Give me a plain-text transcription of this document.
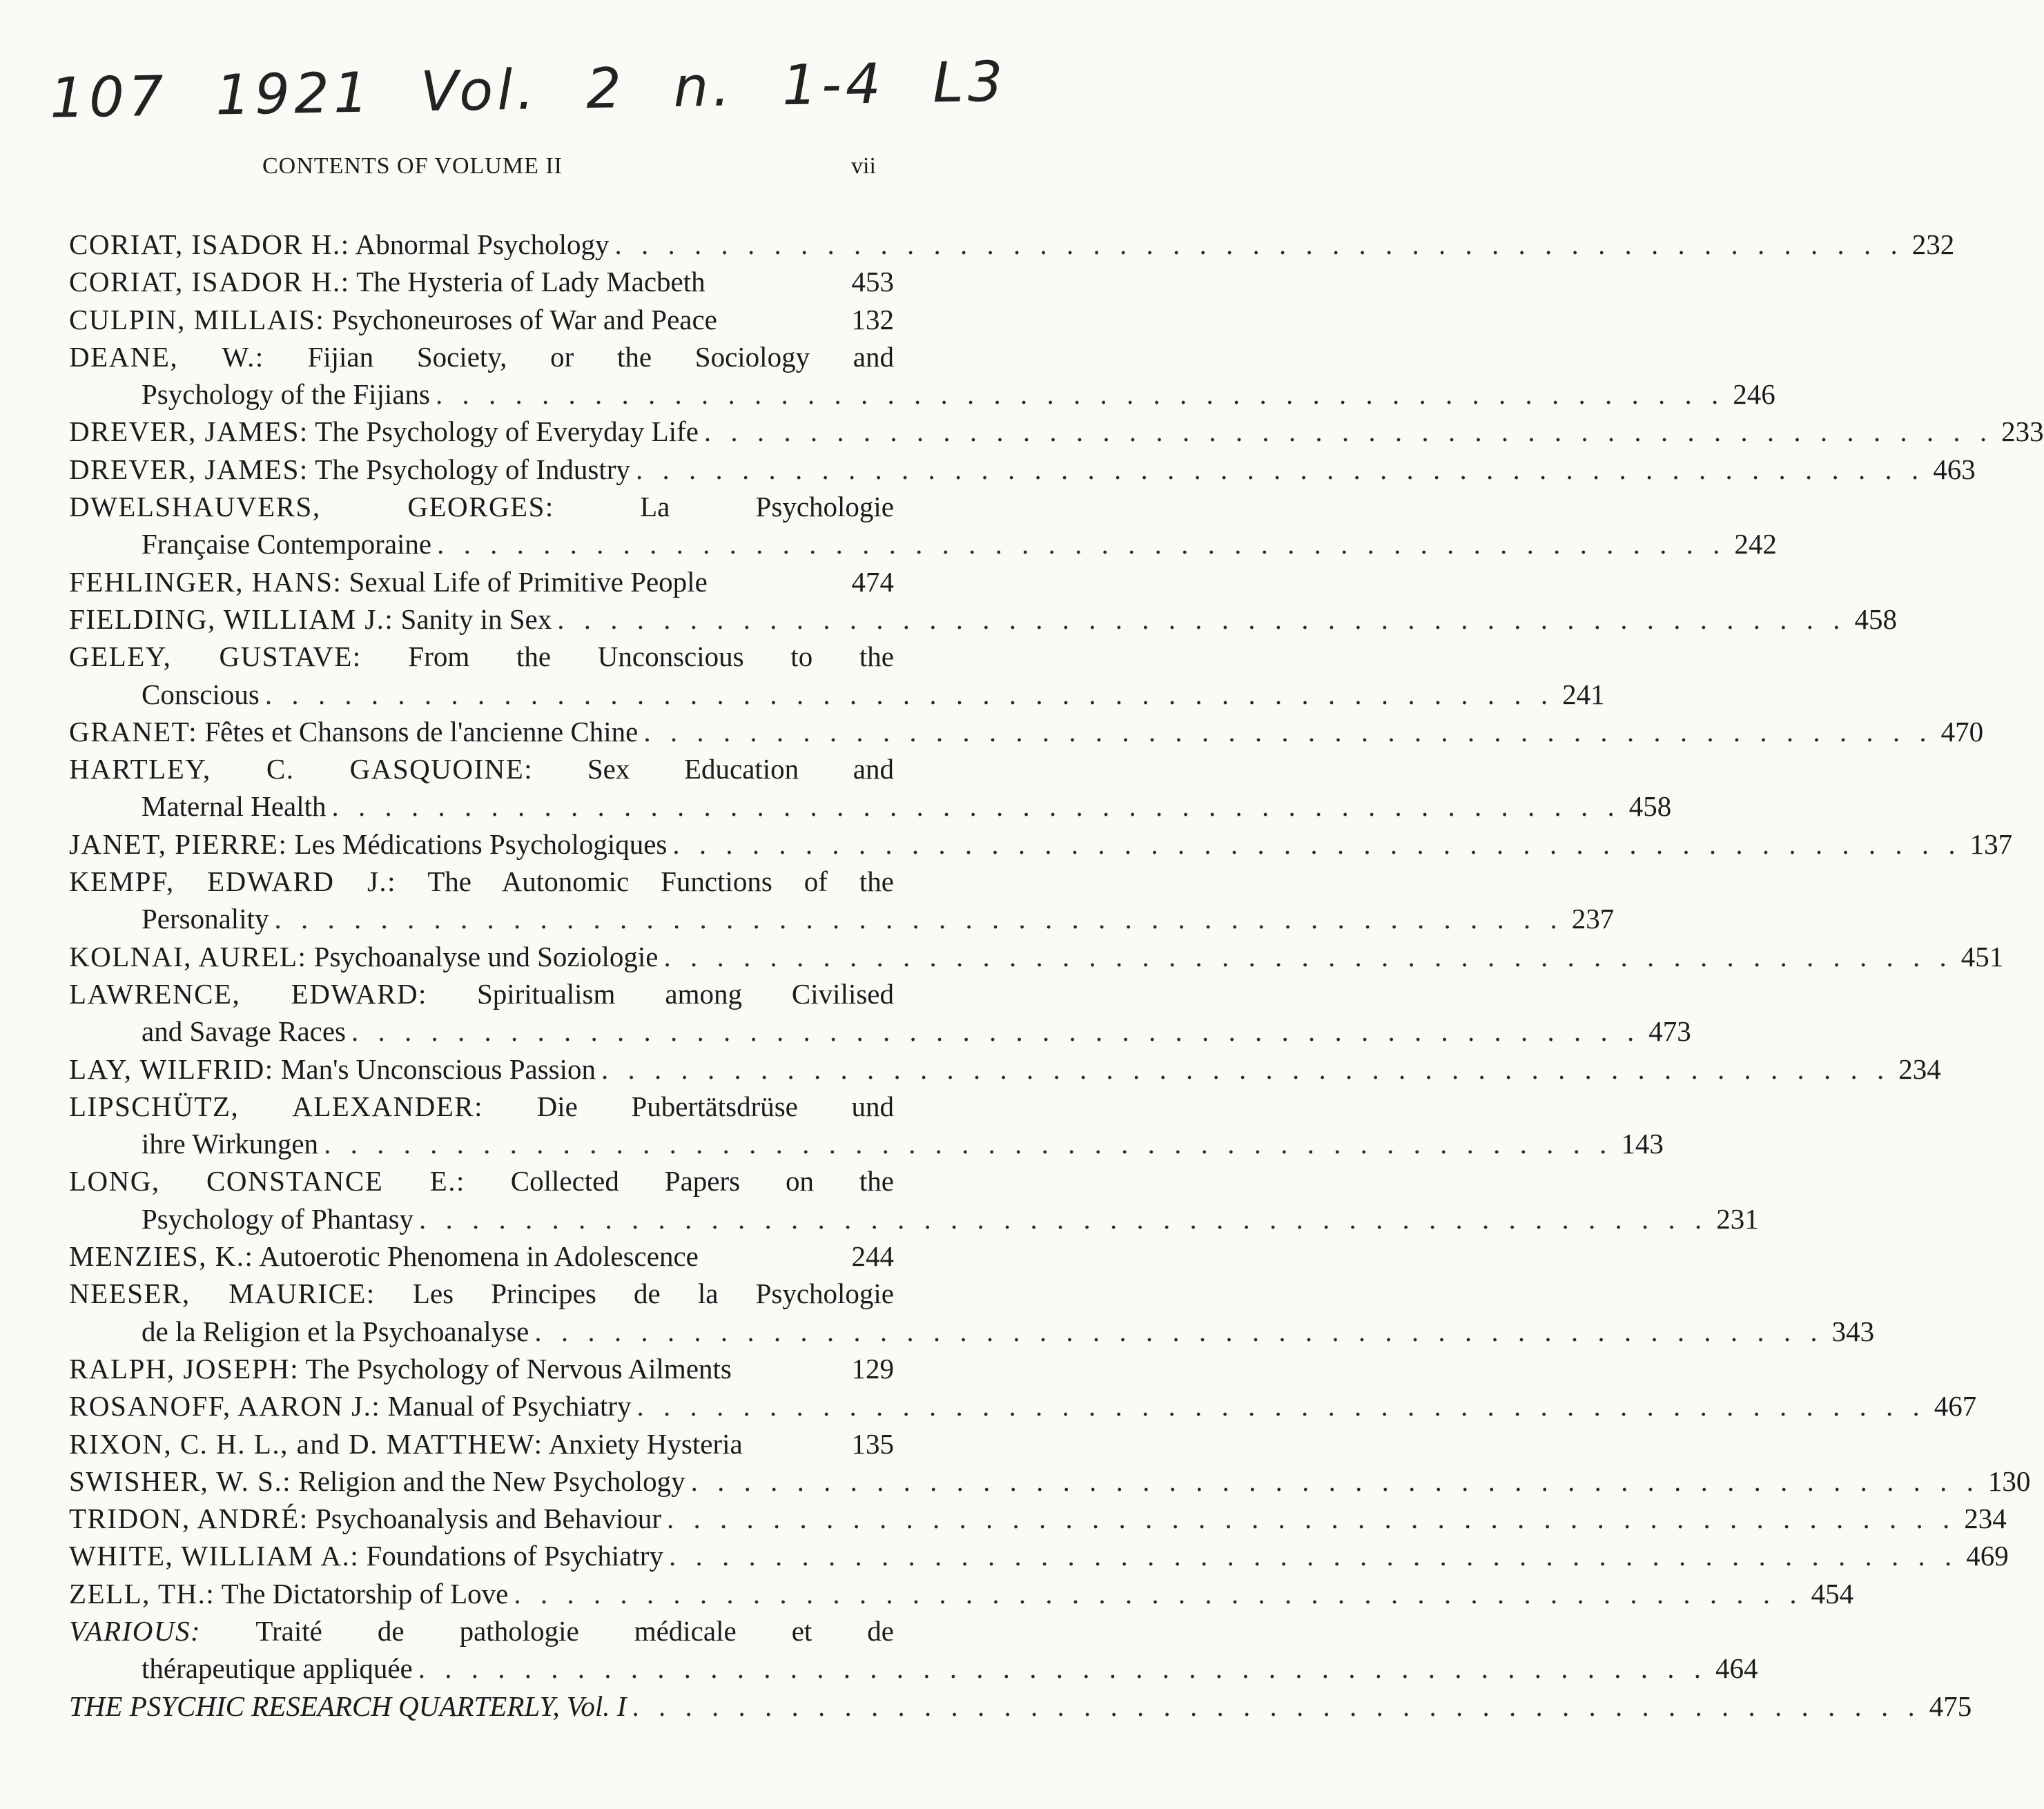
107 1921 Vol. 2 n. 1-4 L3
CONTENTS OF VOLUME II	vii
CORIAT, ISADOR H.: Abnormal Psychology . . .	232
CORIAT, ISADOR H.: The Hysteria of Lady Macbeth	453
CULPIN, MILLAIS: Psychoneuroses of War and Peace	132
DEANE, W.: Fijian Society, or the Sociology and
Psychology of the Fijians . . .	246
DREVER, JAMES: The Psychology of Everyday Life . . .	233
DREVER, JAMES: The Psychology of Industry . . .	463
DWELSHAUVERS, GEORGES:	La Psychologie
Française Contemporaine . . .	242
FEHLINGER, HANS: Sexual Life of Primitive People	474
FIELDING, WILLIAM J.: Sanity in Sex . . .	458
GELEY, GUSTAVE: From the Unconscious to the
Conscious . . .	241
GRANET: Fêtes et Chansons de l'ancienne Chine . . .	470
HARTLEY, C. GASQUOINE: Sex Education and
Maternal Health . . .	458
JANET, PIERRE: Les Médications Psychologiques . . .	137
KEMPF, EDWARD J.: The Autonomic Functions of the
Personality . . .	237
KOLNAI, AUREL: Psychoanalyse und Soziologie . . .	451
LAWRENCE, EDWARD: Spiritualism among Civilised
and Savage Races . . .	473
LAY, WILFRID: Man's Unconscious Passion . . .	234
LIPSCHÜTZ, ALEXANDER: Die Pubertätsdrüse und
ihre Wirkungen . . .	143
LONG, CONSTANCE E.: Collected Papers on the
Psychology of Phantasy . . .	231
MENZIES, K.: Autoerotic Phenomena in Adolescence	244
NEESER, MAURICE: Les Principes de la Psychologie
de la Religion et la Psychoanalyse . . .	343
RALPH, JOSEPH: The Psychology of Nervous Ailments	129
ROSANOFF, AARON J.: Manual of Psychiatry . . .	467
RIXON, C. H. L., and D. MATTHEW: Anxiety Hysteria	135
SWISHER, W. S.: Religion and the New Psychology . . .	130
TRIDON, ANDRÉ: Psychoanalysis and Behaviour . . .	234
WHITE, WILLIAM A.: Foundations of Psychiatry . . .	469
ZELL, TH.: The Dictatorship of Love . . .	454
VARIOUS: Traité de pathologie médicale et de
thérapeutique appliquée . . .	464
THE PSYCHIC RESEARCH QUARTERLY, Vol. I . . .	475
